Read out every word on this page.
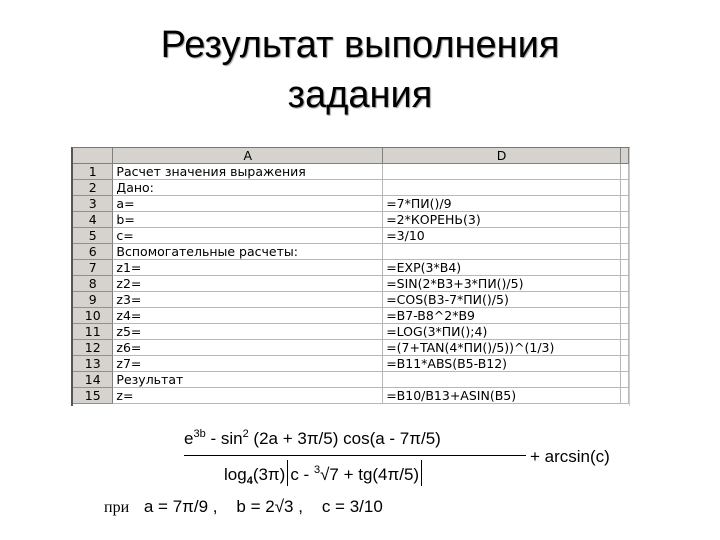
Результат выполнения
задания
	A	D	
1	Расчет значения выражения		
2	Дано:		
3	a=	=7*ПИ()/9	
4	b=	=2*КОРЕНЬ(3)	
5	c=	=3/10	
6	Вспомогательные расчеты:		
7	z1=	=EXP(3*B4)	
8	z2=	=SIN(2*B3+3*ПИ()/5)	
9	z3=	=COS(B3-7*ПИ()/5)	
10	z4=	=B7-B8^2*B9	
11	z5=	=LOG(3*ПИ();4)	
12	z6=	=(7+TAN(4*ПИ()/5))^(1/3)	
13	z7=	=B11*ABS(B5-B12)	
14	Результат		
15	z=	=B10/B13+ASIN(B5)	
$e^{3b} - \sin^2 (2a + 3\pi/5)$ cos(a - 7π/5)
$\log_4(3\pi)$ c - $^3$√7 + tg(4π/5)
+ arcsin(c)
при a = 7π/9 , b = 2√3 , c = 3/10
